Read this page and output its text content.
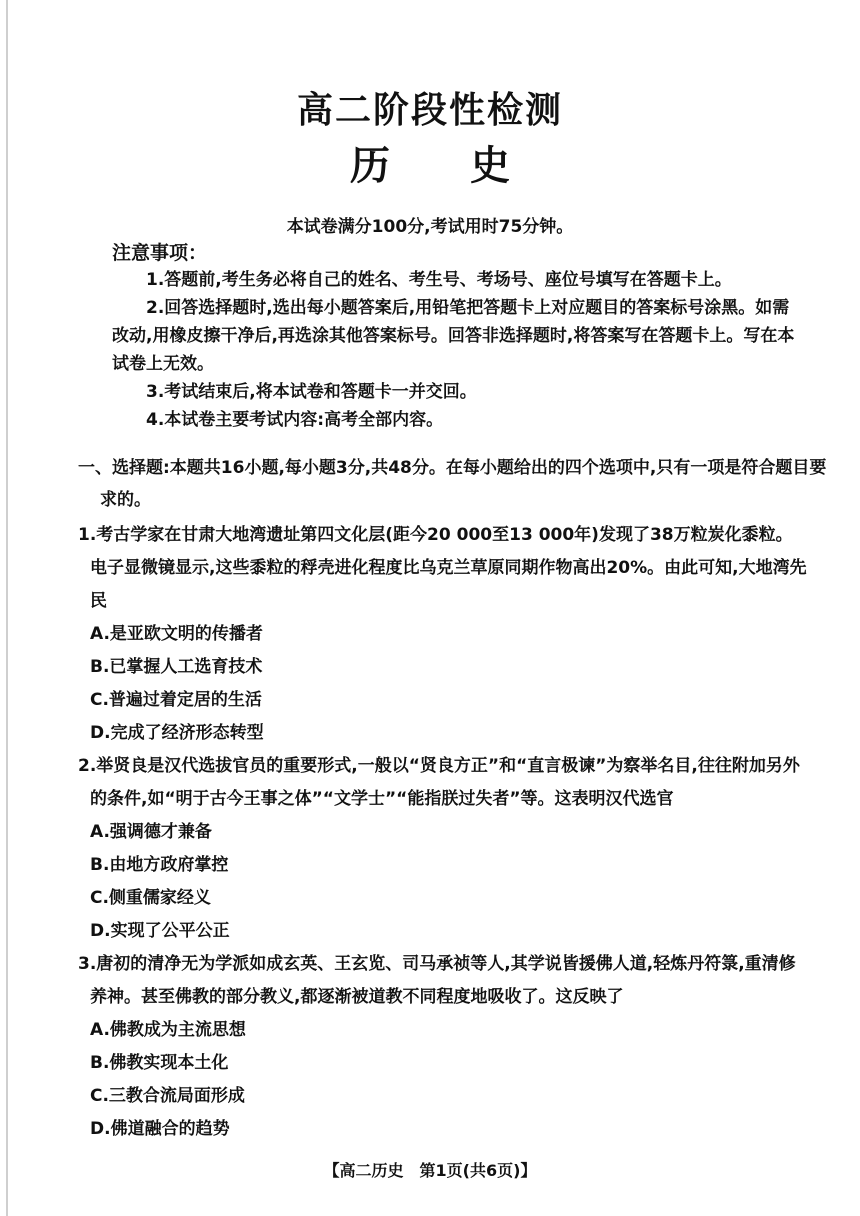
高二阶段性检测
历史
本试卷满分100分,考试用时75分钟。
注意事项：

1.答题前,考生务必将自己的姓名、考生号、考场号、座位号填写在答题卡上。

2.回答选择题时,选出每小题答案后,用铅笔把答题卡上对应题目的答案标号涂黑。如需改动,用橡皮擦干净后,再选涂其他答案标号。回答非选择题时,将答案写在答题卡上。写在本试卷上无效。

3.考试结束后,将本试卷和答题卡一并交回。

4.本试卷主要考试内容:高考全部内容。

一、选择题:本题共16小题,每小题3分,共48分。在每小题给出的四个选项中,只有一项是符合题目要求的。
1.考古学家在甘肃大地湾遗址第四文化层(距今20 000至13 000年)发现了38万粒炭化黍粒。电子显微镜显示,这些黍粒的稃壳进化程度比乌克兰草原同期作物高出20%。由此可知,大地湾先民
A.是亚欧文明的传播者
B.已掌握人工选育技术
C.普遍过着定居的生活
D.完成了经济形态转型
2.举贤良是汉代选拔官员的重要形式,一般以“贤良方正”和“直言极谏”为察举名目,往往附加另外的条件,如“明于古今王事之体”“文学士”“能指朕过失者”等。这表明汉代选官
A.强调德才兼备
B.由地方政府掌控
C.侧重儒家经义
D.实现了公平公正
3.唐初的清净无为学派如成玄英、王玄览、司马承祯等人,其学说皆援佛人道,轻炼丹符箓,重清修养神。甚至佛教的部分教义,都逐渐被道教不同程度地吸收了。这反映了
A.佛教成为主流思想
B.佛教实现本土化
C.三教合流局面形成
D.佛道融合的趋势
【高二历史　第1页(共6页)】
